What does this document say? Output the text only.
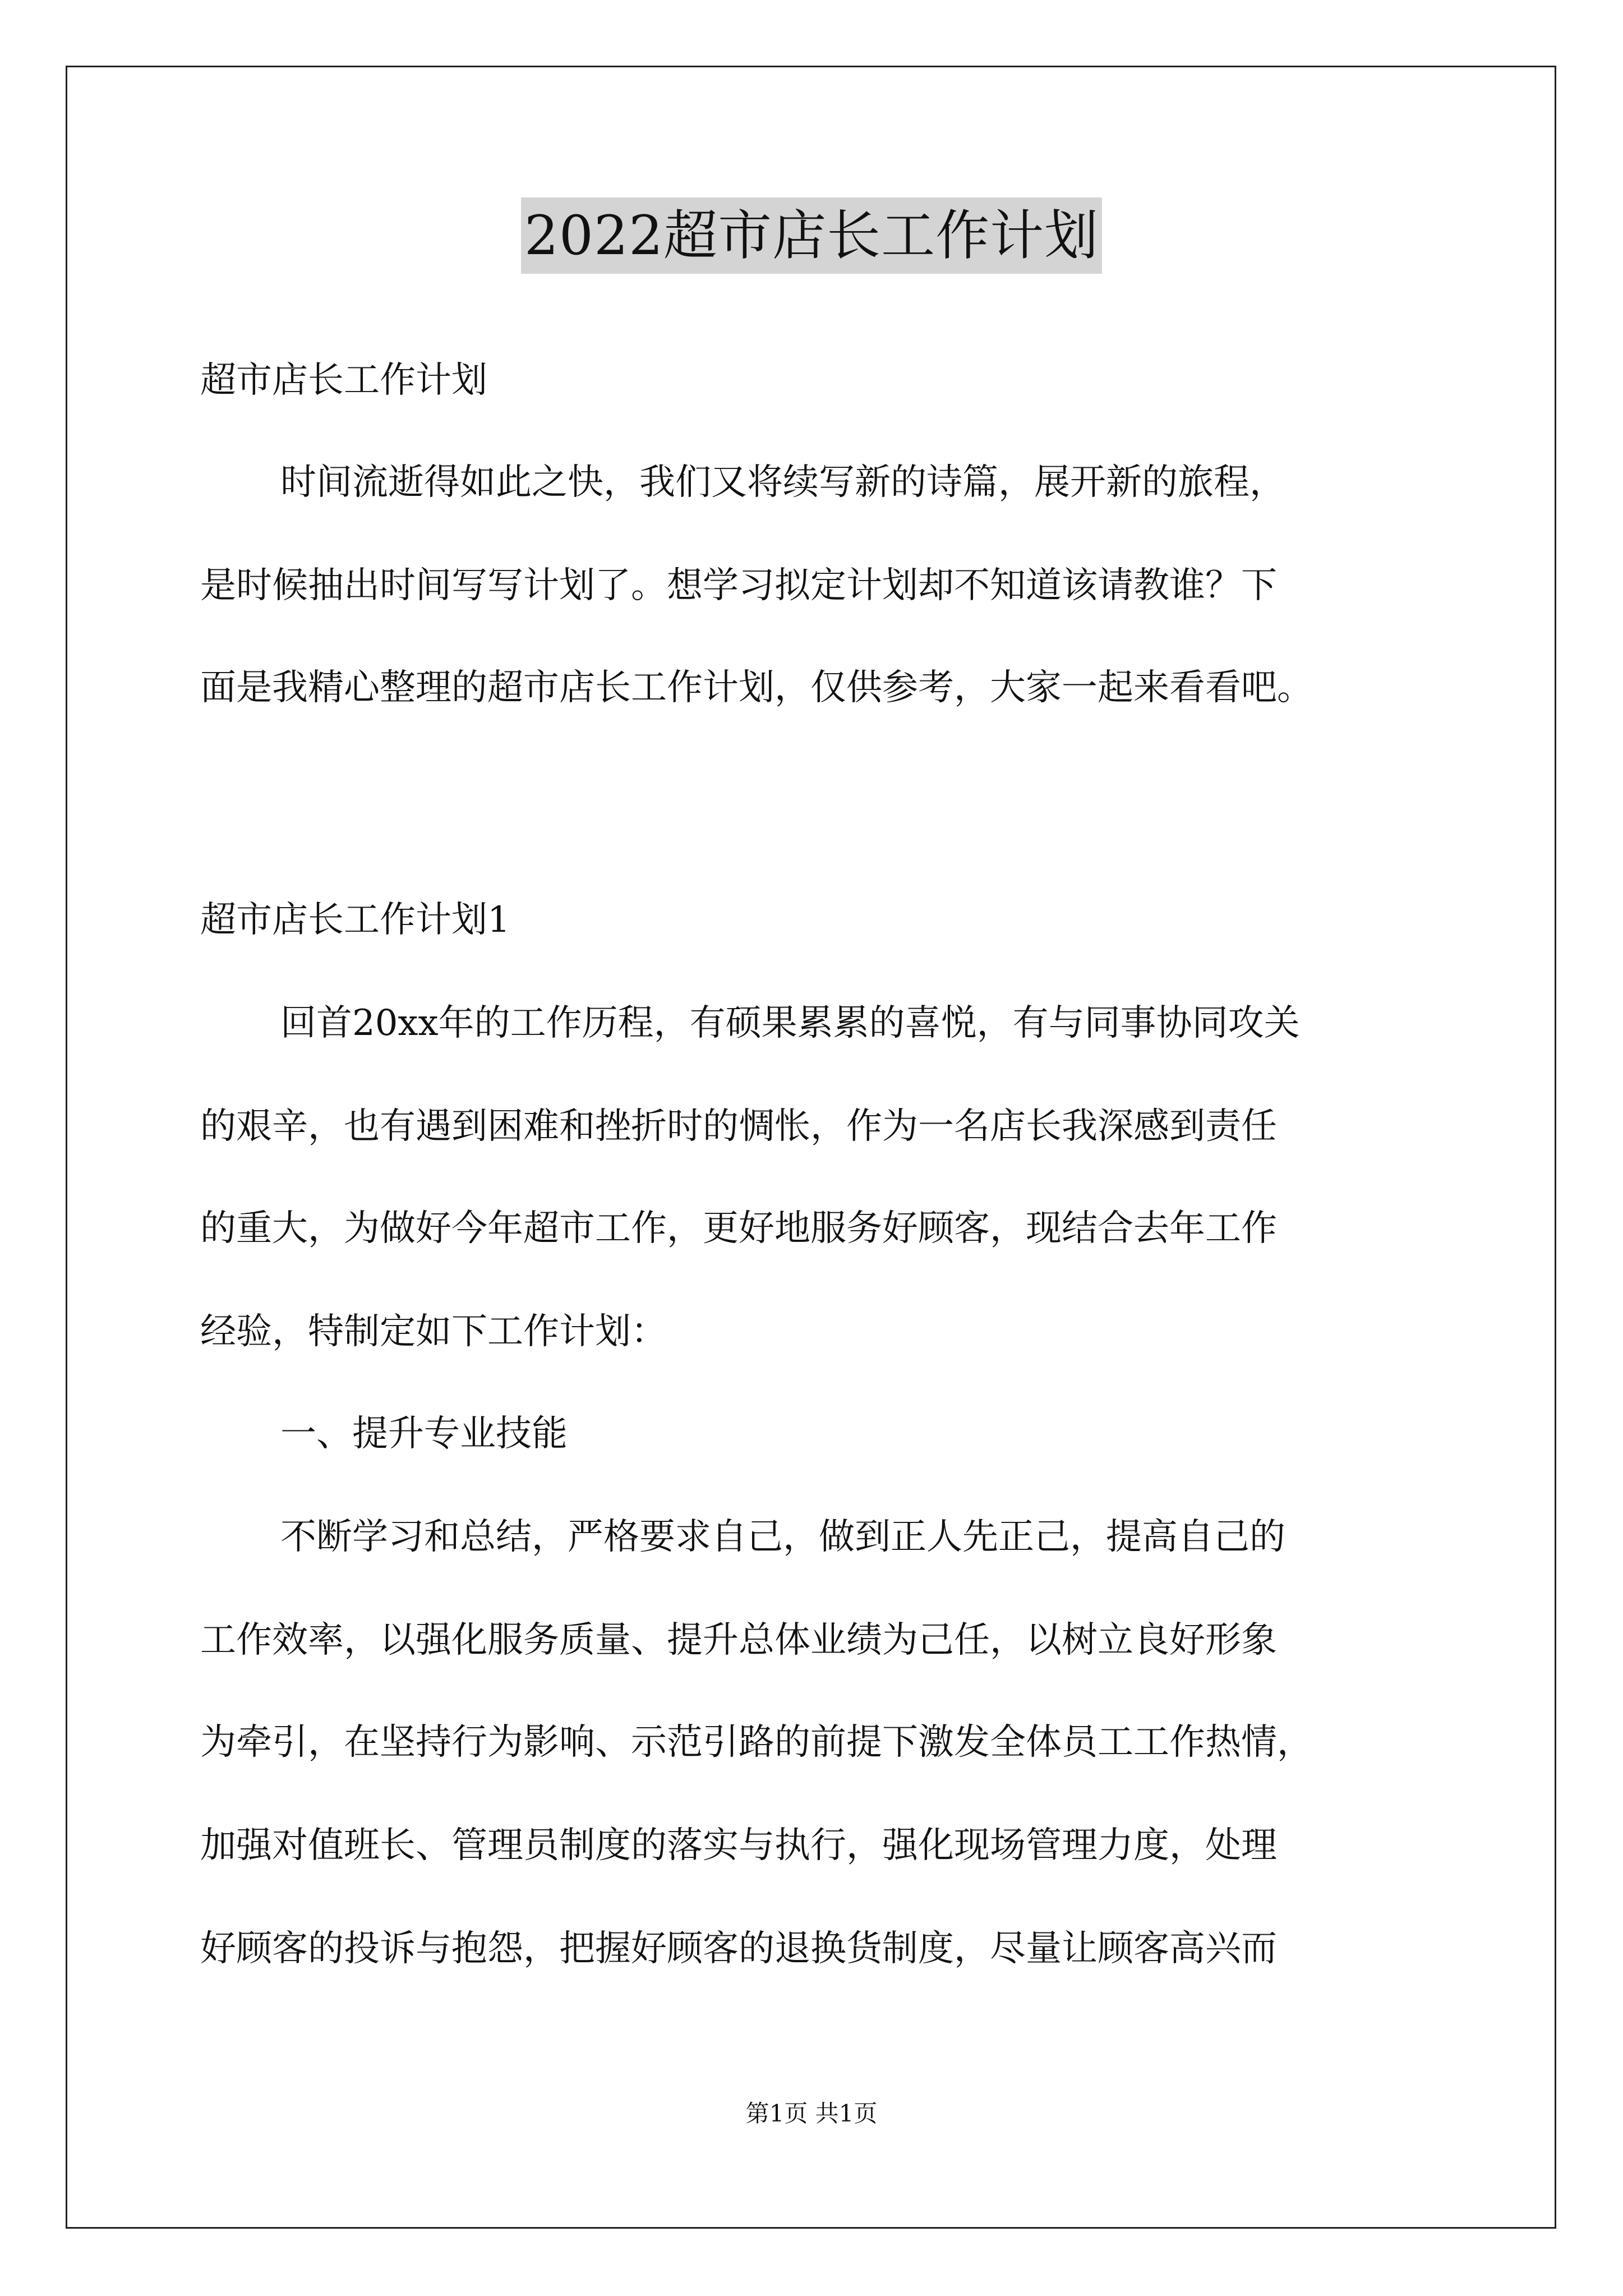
2022超市店长工作计划
超市店长工作计划
时间流逝得如此之快，我们又将续写新的诗篇，展开新的旅程，
是时候抽出时间写写计划了。想学习拟定计划却不知道该请教谁？下
面是我精心整理的超市店长工作计划，仅供参考，大家一起来看看吧。
超市店长工作计划1
回首20xx年的工作历程，有硕果累累的喜悦，有与同事协同攻关
的艰辛，也有遇到困难和挫折时的惆怅，作为一名店长我深感到责任
的重大，为做好今年超市工作，更好地服务好顾客，现结合去年工作
经验，特制定如下工作计划：
一、提升专业技能
不断学习和总结，严格要求自己，做到正人先正己，提高自己的
工作效率，以强化服务质量、提升总体业绩为己任，以树立良好形象
为牵引，在坚持行为影响、示范引路的前提下激发全体员工工作热情，
加强对值班长、管理员制度的落实与执行，强化现场管理力度，处理
好顾客的投诉与抱怨，把握好顾客的退换货制度，尽量让顾客高兴而
第1页 共1页
